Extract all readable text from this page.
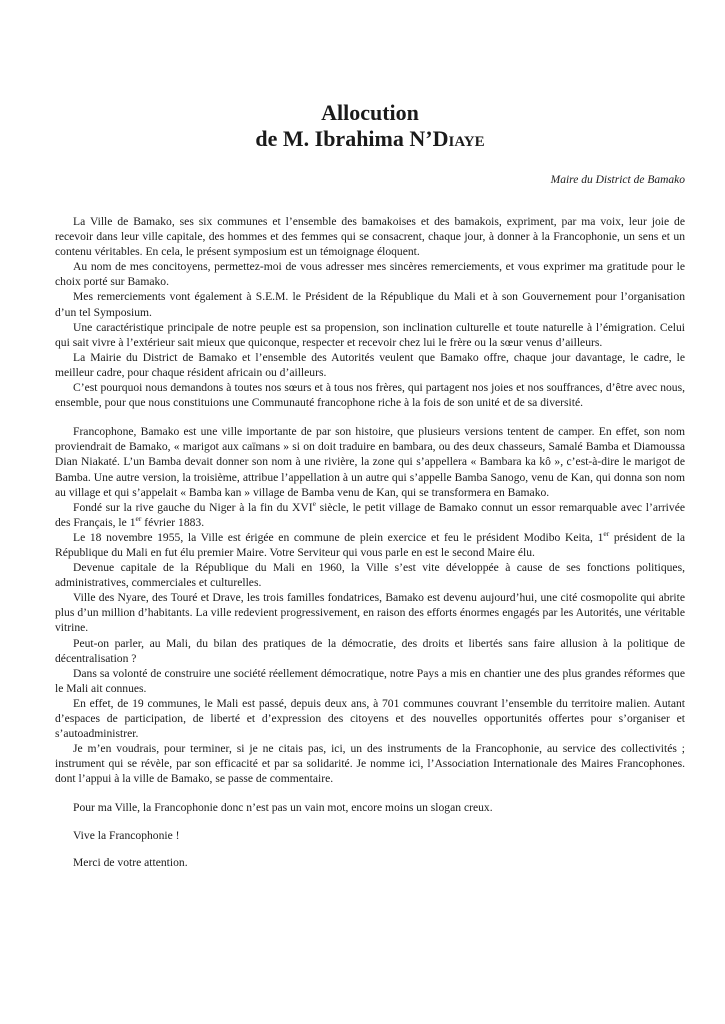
Allocution
de M. Ibrahima N’Diaye
Maire du District de Bamako

La Ville de Bamako, ses six communes et l’ensemble des bamakoises et des bamakois, expriment, par ma voix, leur joie de recevoir dans leur ville capitale, des hommes et des femmes qui se consacrent, chaque jour, à donner à la Francophonie, un sens et un contenu véritables. En cela, le présent symposium est un témoignage éloquent.

Au nom de mes concitoyens, permettez-moi de vous adresser mes sincères remerciements, et vous exprimer ma gratitude pour le choix porté sur Bamako.

Mes remerciements vont également à S.E.M. le Président de la République du Mali et à son Gouvernement pour l’organisation d’un tel Symposium.

Une caractéristique principale de notre peuple est sa propension, son inclination culturelle et toute naturelle à l’émigration. Celui qui sait vivre à l’extérieur sait mieux que quiconque, respecter et recevoir chez lui le frère ou la sœur venus d’ailleurs.

La Mairie du District de Bamako et l’ensemble des Autorités veulent que Bamako offre, chaque jour davantage, le cadre, le meilleur cadre, pour chaque résident africain ou d’ailleurs.

C’est pourquoi nous demandons à toutes nos sœurs et à tous nos frères, qui partagent nos joies et nos souffrances, d’être avec nous, ensemble, pour que nous constituions une Communauté francophone riche à la fois de son unité et de sa diversité.

Francophone, Bamako est une ville importante de par son histoire, que plusieurs versions tentent de camper. En effet, son nom proviendrait de Bamako, « marigot aux caïmans » si on doit traduire en bambara, ou des deux chasseurs, Samalé Bamba et Diamoussa Dian Niakaté. L’un Bamba devait donner son nom à une rivière, la zone qui s’appellera « Bambara ka kô », c’est-à-dire le marigot de Bamba. Une autre version, la troisième, attribue l’appellation à un autre qui s’appelle Bamba Sanogo, venu de Kan, qui donna son nom au village et qui s’appelait « Bamba kan » village de Bamba venu de Kan, qui se transformera en Bamako.

Fondé sur la rive gauche du Niger à la fin du XVIe siècle, le petit village de Bamako connut un essor remarquable avec l’arrivée des Français, le 1er février 1883.

Le 18 novembre 1955, la Ville est érigée en commune de plein exercice et feu le président Modibo Keita, 1er président de la République du Mali en fut élu premier Maire. Votre Serviteur qui vous parle en est le second Maire élu.

Devenue capitale de la République du Mali en 1960, la Ville s’est vite développée à cause de ses fonctions politiques, administratives, commerciales et culturelles.

Ville des Nyare, des Touré et Drave, les trois familles fondatrices, Bamako est devenu aujourd’hui, une cité cosmopolite qui abrite plus d’un million d’habitants. La ville redevient progressivement, en raison des efforts énormes engagés par les Autorités, une véritable vitrine.

Peut-on parler, au Mali, du bilan des pratiques de la démocratie, des droits et libertés sans faire allusion à la politique de décentralisation ?

Dans sa volonté de construire une société réellement démocratique, notre Pays a mis en chantier une des plus grandes réformes que le Mali ait connues.

En effet, de 19 communes, le Mali est passé, depuis deux ans, à 701 communes couvrant l’ensemble du territoire malien. Autant d’espaces de participation, de liberté et d’expression des citoyens et des nouvelles opportunités offertes pour s’organiser et s’autoadministrer.

Je m’en voudrais, pour terminer, si je ne citais pas, ici, un des instruments de la Francophonie, au service des collectivités ; instrument qui se révèle, par son efficacité et par sa solidarité. Je nomme ici, l’Association Internationale des Maires Francophones. dont l’appui à la ville de Bamako, se passe de commentaire.

Pour ma Ville, la Francophonie donc n’est pas un vain mot, encore moins un slogan creux.

Vive la Francophonie !

Merci de votre attention.
